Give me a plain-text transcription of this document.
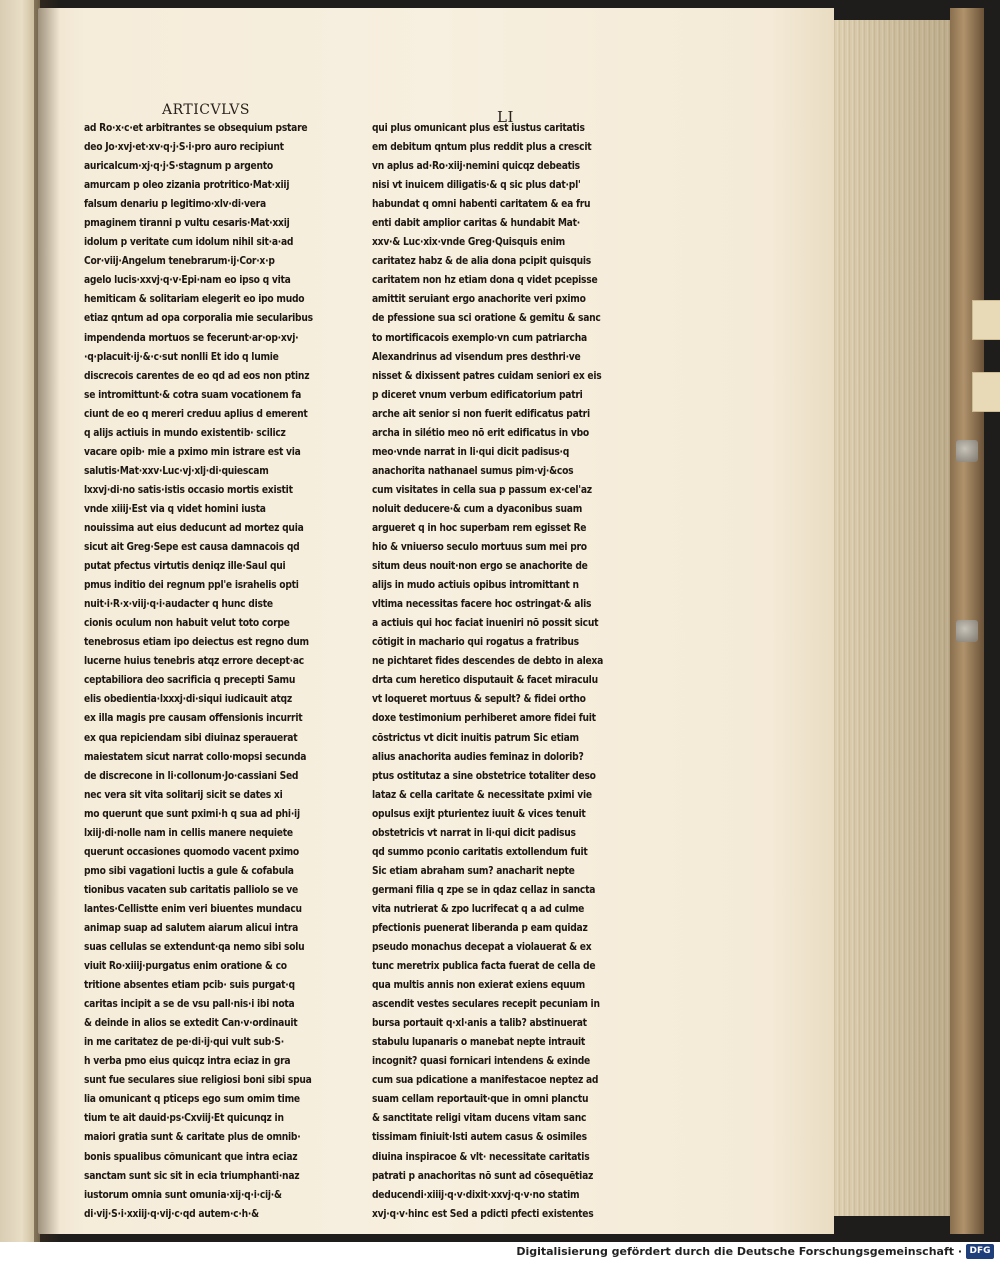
ARTICVLVS	LI
ad Ro·x·c·et arbitrantes se obsequium pstare
deo Jo·xvj·et·xv·q·j·S·i·pro auro recipiunt
auricalcum·xj·q·j·S·stagnum p argento
amurcam p oleo zizania protritico·Mat·xiij
falsum denariu p legitimo·xlv·di·vera
pmaginem tiranni p vultu cesaris·Mat·xxij
idolum p veritate cum idolum nihil sit·a·ad
Cor·viij·Angelum tenebrarum·ij·Cor·x·p
agelo lucis·xxvj·q·v·Epi·nam eo ipso q vita
hemiticam & solitariam elegerit eo ipo mudo
etiaz qntum ad opa corporalia mie secularibus
impendenda mortuos se fecerunt·ar·op·xvj·
·q·placuit·ij·&·c·sut nonlli Et ido q lumie
discrecois carentes de eo qd ad eos non ptinz
se intromittunt·& cotra suam vocationem fa
ciunt de eo q mereri creduu aplius d emerent
q alijs actiuis in mundo existentib· scilicz
vacare opib· mie a pximo min istrare est via
salutis·Mat·xxv·Luc·vj·xlj·di·quiescam
lxxvj·di·no satis·istis occasio mortis existit
vnde xiiij·Est via q videt homini iusta
nouissima aut eius deducunt ad mortez quia
sicut ait Greg·Sepe est causa damnacois qd
putat pfectus virtutis deniqz ille·Saul qui
pmus inditio dei regnum ppl'e israhelis opti
nuit·i·R·x·viij·q·i·audacter q hunc diste
cionis oculum non habuit velut toto corpe
tenebrosus etiam ipo deiectus est regno dum
lucerne huius tenebris atqz errore decept·ac
ceptabiliora deo sacrificia q precepti Samu
elis obedientia·lxxxj·di·siqui iudicauit atqz
ex illa magis pre causam offensionis incurrit
ex qua repiciendam sibi diuinaz sperauerat
maiestatem sicut narrat collo·mopsi secunda
de discrecone in li·collonum·Jo·cassiani Sed
nec vera sit vita solitarij sicit se dates xi
mo querunt que sunt pximi·h q sua ad phi·ij
lxiij·di·nolle nam in cellis manere nequiete
querunt occasiones quomodo vacent pximo
pmo sibi vagationi luctis a gule & cofabula
tionibus vacaten sub caritatis palliolo se ve
lantes·Cellistte enim veri biuentes mundacu
animap suap ad salutem aiarum alicui intra
suas cellulas se extendunt·qa nemo sibi solu
viuit Ro·xiiij·purgatus enim oratione & co
tritione absentes etiam pcib· suis purgat·q
caritas incipit a se de vsu pall·nis·i ibi nota
& deinde in alios se extedit Can·v·ordinauit
in me caritatez de pe·di·ij·qui vult sub·S·
h verba pmo eius quicqz intra eciaz in gra
sunt fue seculares siue religiosi boni sibi spua
lia omunicant q pticeps ego sum omim time
tium te ait dauid·ps·Cxviij·Et quicunqz in
maiori gratia sunt & caritate plus de omnib·
bonis spualibus cõmunicant que intra eciaz
sanctam sunt sic sit in ecia triumphanti·naz
iustorum omnia sunt omunia·xij·q·i·cij·&
di·vij·S·i·xxiij·q·vij·c·qd autem·c·h·&
qui plus omunicant plus est iustus caritatis
em debitum qntum plus reddit plus a crescit
vn aplus ad·Ro·xiij·nemini quicqz debeatis
nisi vt inuicem diligatis·& q sic plus dat·pl'
habundat q omni habenti caritatem & ea fru
enti dabit amplior caritas & hundabit Mat·
xxv·& Luc·xix·vnde Greg·Quisquis enim
caritatez habz & de alia dona pcipit quisquis
caritatem non hz etiam dona q videt pcepisse
amittit seruiant ergo anachorite veri pximo
de pfessione sua sci oratione & gemitu & sanc
to mortificacois exemplo·vn cum patriarcha
Alexandrinus ad visendum pres desthri·ve
nisset & dixissent patres cuidam seniori ex eis
p diceret vnum verbum edificatorium patri
arche ait senior si non fuerit edificatus patri
archa in silétio meo nō erit edificatus in vbo
meo·vnde narrat in li·qui dicit padisus·q
anachorita nathanael sumus pim·vj·&cos
cum visitates in cella sua p passum ex·cel'az
noluit deducere·& cum a dyaconibus suam
argueret q in hoc superbam rem egisset Re
hio & vniuerso seculo mortuus sum mei pro
situm deus nouit·non ergo se anachorite de
alijs in mudo actiuis opibus intromittant n
vltima necessitas facere hoc ostringat·& alis
a actiuis qui hoc faciat inueniri nō possit sicut
cōtigit in machario qui rogatus a fratribus
ne pichtaret fides descendes de debto in alexa
drta cum heretico disputauit & facet miraculu
vt loqueret mortuus & sepult? & fidei ortho
doxe testimonium perhiberet amore fidei fuit
cōstrictus vt dicit inuitis patrum Sic etiam
alius anachorita audies feminaz in dolorib?
ptus ostitutaz a sine obstetrice totaliter deso
lataz & cella caritate & necessitate pximi vie
opulsus exijt pturientez iuuit & vices tenuit
obstetricis vt narrat in li·qui dicit padisus
qd summo pconio caritatis extollendum fuit
Sic etiam abraham sum? anacharit nepte
germani filia q zpe se in qdaz cellaz in sancta
vita nutrierat & zpo lucrifecat q a ad culme
pfectionis puenerat liberanda p eam quidaz
pseudo monachus decepat a violauerat & ex
tunc meretrix publica facta fuerat de cella de
qua multis annis non exierat exiens equum
ascendit vestes seculares recepit pecuniam in
bursa portauit q·xl·anis a talib? abstinuerat
stabulu lupanaris o manebat nepte intrauit
incognit? quasi fornicari intendens & exinde
cum sua pdicatione a manifestacoe neptez ad
suam cellam reportauit·que in omni planctu
& sanctitate religi vitam ducens vitam sanc
tissimam finiuit·Isti autem casus & osimiles
diuina inspiracoe & vlt· necessitate caritatis
patrati p anachoritas nō sunt ad cōsequētiaz
deducendi·xiiij·q·v·dixit·xxvj·q·v·no statim
xvj·q·v·hinc est Sed a pdicti pfecti existentes
Digitalisierung gefördert durch die Deutsche Forschungsgemeinschaft · DFG
